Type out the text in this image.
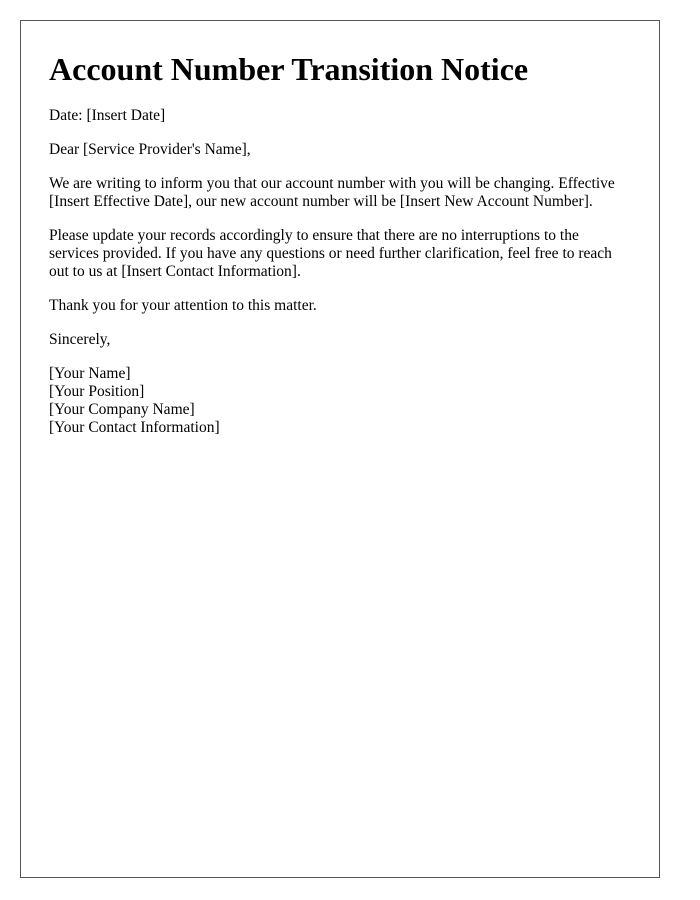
Account Number Transition Notice

Date: [Insert Date]

Dear [Service Provider's Name],

We are writing to inform you that our account number with you will be changing. Effective [Insert Effective Date], our new account number will be [Insert New Account Number].

Please update your records accordingly to ensure that there are no interruptions to the services provided. If you have any questions or need further clarification, feel free to reach out to us at [Insert Contact Information].

Thank you for your attention to this matter.

Sincerely,

[Your Name]
[Your Position]
[Your Company Name]
[Your Contact Information]
